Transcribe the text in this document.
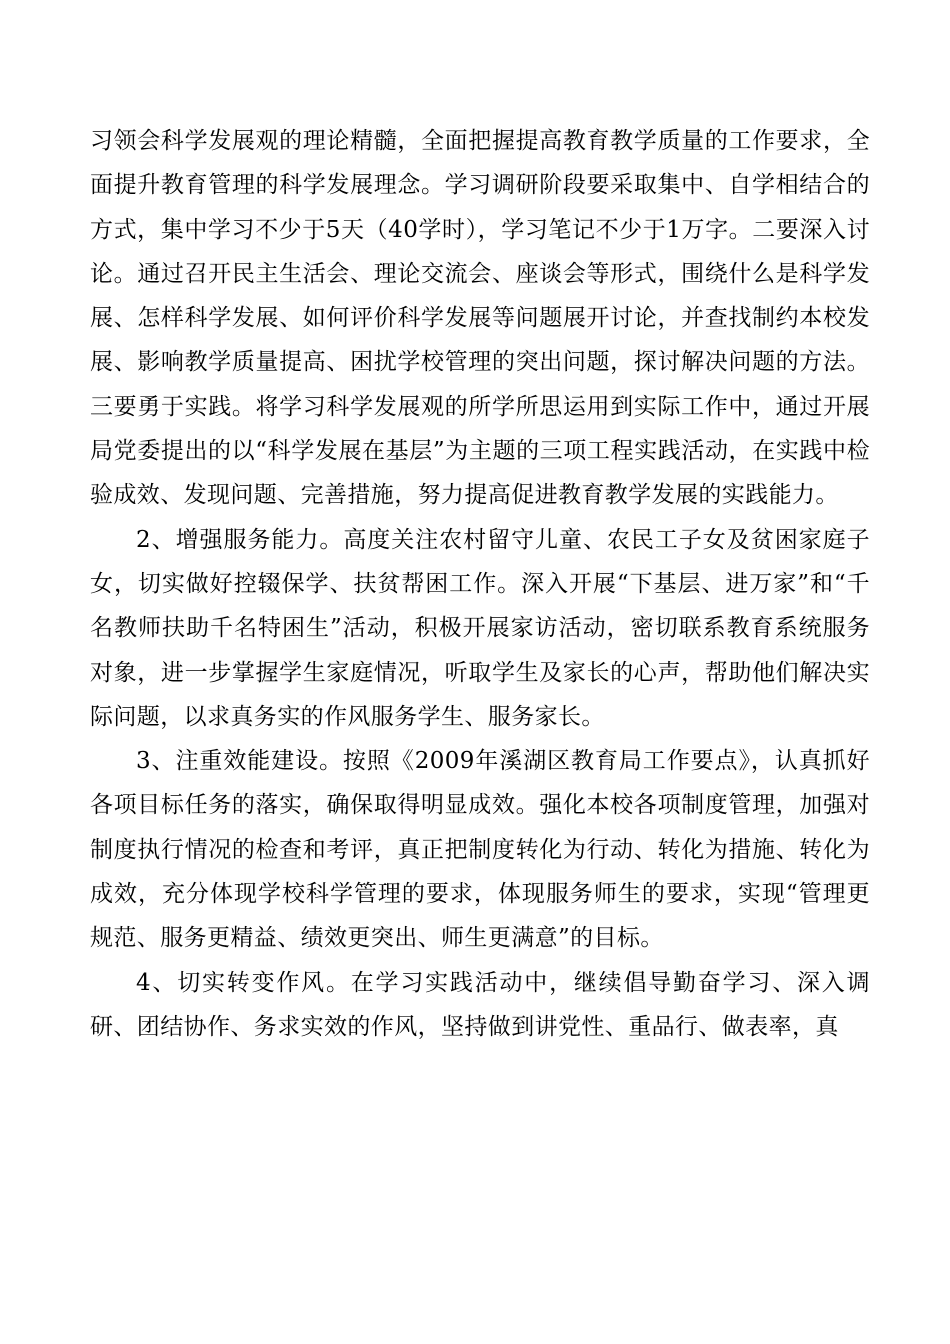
习领会科学发展观的理论精髓，全面把握提高教育教学质量的工作要求，全面提升教育管理的科学发展理念。学习调研阶段要采取集中、自学相结合的方式，集中学习不少于5天（40学时），学习笔记不少于1万字。二要深入讨论。通过召开民主生活会、理论交流会、座谈会等形式，围绕什么是科学发展、怎样科学发展、如何评价科学发展等问题展开讨论，并查找制约本校发展、影响教学质量提高、困扰学校管理的突出问题，探讨解决问题的方法。三要勇于实践。将学习科学发展观的所学所思运用到实际工作中，通过开展局党委提出的以“科学发展在基层”为主题的三项工程实践活动，在实践中检验成效、发现问题、完善措施，努力提高促进教育教学发展的实践能力。

2、增强服务能力。高度关注农村留守儿童、农民工子女及贫困家庭子女，切实做好控辍保学、扶贫帮困工作。深入开展“下基层、进万家”和“千名教师扶助千名特困生”活动，积极开展家访活动，密切联系教育系统服务对象，进一步掌握学生家庭情况，听取学生及家长的心声，帮助他们解决实际问题，以求真务实的作风服务学生、服务家长。

3、注重效能建设。按照《2009年溪湖区教育局工作要点》，认真抓好各项目标任务的落实，确保取得明显成效。强化本校各项制度管理，加强对制度执行情况的检查和考评，真正把制度转化为行动、转化为措施、转化为成效，充分体现学校科学管理的要求，体现服务师生的要求，实现“管理更规范、服务更精益、绩效更突出、师生更满意”的目标。

4、切实转变作风。在学习实践活动中，继续倡导勤奋学习、深入调研、团结协作、务求实效的作风，坚持做到讲党性、重品行、做表率，真
